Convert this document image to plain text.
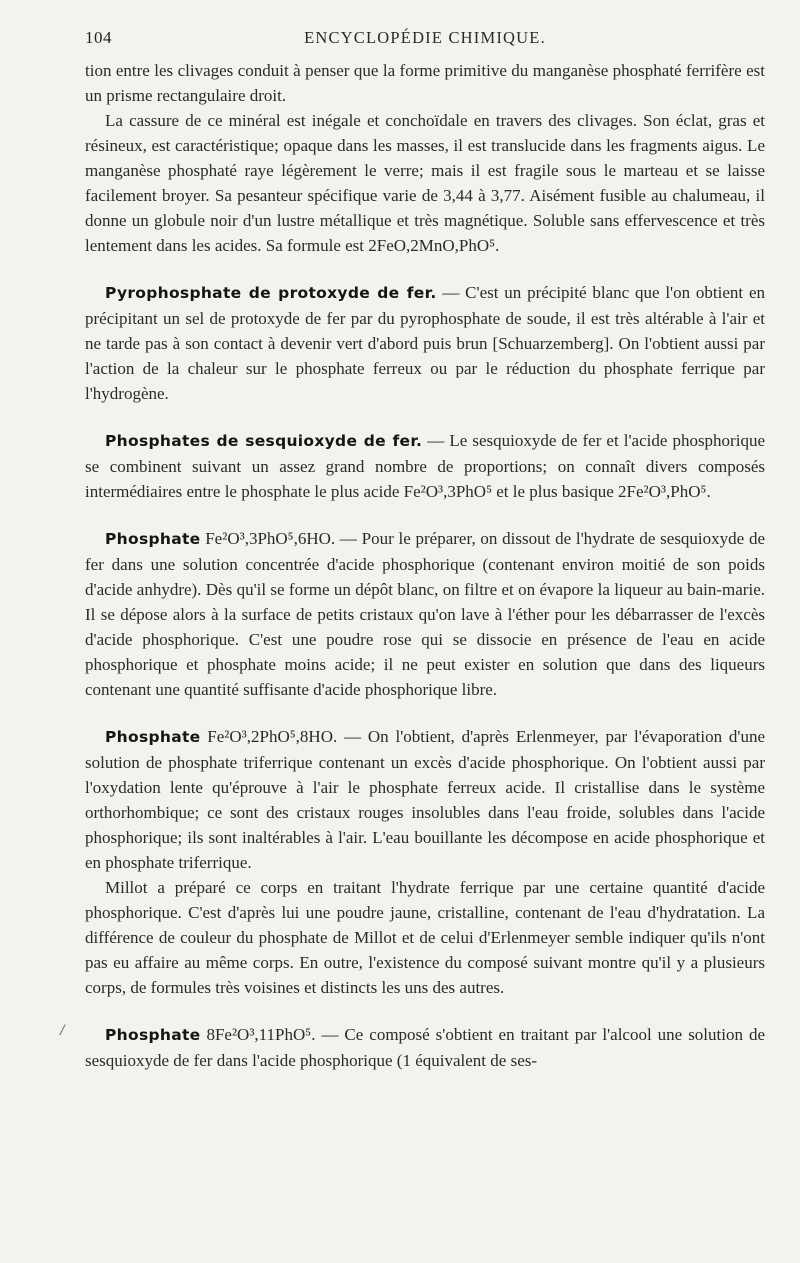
104	ENCYCLOPÉDIE CHIMIQUE.
/

tion entre les clivages conduit à penser que la forme primitive du manganèse phosphaté ferrifère est un prisme rectangulaire droit.

La cassure de ce minéral est inégale et conchoïdale en travers des clivages. Son éclat, gras et résineux, est caractéristique; opaque dans les masses, il est translucide dans les fragments aigus. Le manganèse phosphaté raye légèrement le verre; mais il est fragile sous le marteau et se laisse facilement broyer. Sa pesanteur spécifique varie de 3,44 à 3,77. Aisément fusible au chalumeau, il donne un globule noir d'un lustre métallique et très magnétique. Soluble sans effervescence et très lentement dans les acides. Sa formule est 2FeO,2MnO,PhO⁵.

Pyrophosphate de protoxyde de fer. — C'est un précipité blanc que l'on obtient en précipitant un sel de protoxyde de fer par du pyrophosphate de soude, il est très altérable à l'air et ne tarde pas à son contact à devenir vert d'abord puis brun [Schuarzemberg]. On l'obtient aussi par l'action de la chaleur sur le phosphate ferreux ou par le réduction du phosphate ferrique par l'hydrogène.

Phosphates de sesquioxyde de fer. — Le sesquioxyde de fer et l'acide phosphorique se combinent suivant un assez grand nombre de proportions; on connaît divers composés intermédiaires entre le phosphate le plus acide Fe²O³,3PhO⁵ et le plus basique 2Fe²O³,PhO⁵.

Phosphate Fe²O³,3PhO⁵,6HO. — Pour le préparer, on dissout de l'hydrate de sesquioxyde de fer dans une solution concentrée d'acide phosphorique (contenant environ moitié de son poids d'acide anhydre). Dès qu'il se forme un dépôt blanc, on filtre et on évapore la liqueur au bain-marie. Il se dépose alors à la surface de petits cristaux qu'on lave à l'éther pour les débarrasser de l'excès d'acide phosphorique. C'est une poudre rose qui se dissocie en présence de l'eau en acide phosphorique et phosphate moins acide; il ne peut exister en solution que dans des liqueurs contenant une quantité suffisante d'acide phosphorique libre.

Phosphate Fe²O³,2PhO⁵,8HO. — On l'obtient, d'après Erlenmeyer, par l'évaporation d'une solution de phosphate triferrique contenant un excès d'acide phosphorique. On l'obtient aussi par l'oxydation lente qu'éprouve à l'air le phosphate ferreux acide. Il cristallise dans le système orthorhombique; ce sont des cristaux rouges insolubles dans l'eau froide, solubles dans l'acide phosphorique; ils sont inaltérables à l'air. L'eau bouillante les décompose en acide phosphorique et en phosphate triferrique.

Millot a préparé ce corps en traitant l'hydrate ferrique par une certaine quantité d'acide phosphorique. C'est d'après lui une poudre jaune, cristalline, contenant de l'eau d'hydratation. La différence de couleur du phosphate de Millot et de celui d'Erlenmeyer semble indiquer qu'ils n'ont pas eu affaire au même corps. En outre, l'existence du composé suivant montre qu'il y a plusieurs corps, de formules très voisines et distincts les uns des autres.

Phosphate 8Fe²O³,11PhO⁵. — Ce composé s'obtient en traitant par l'alcool une solution de sesquioxyde de fer dans l'acide phosphorique (1 équivalent de ses-
